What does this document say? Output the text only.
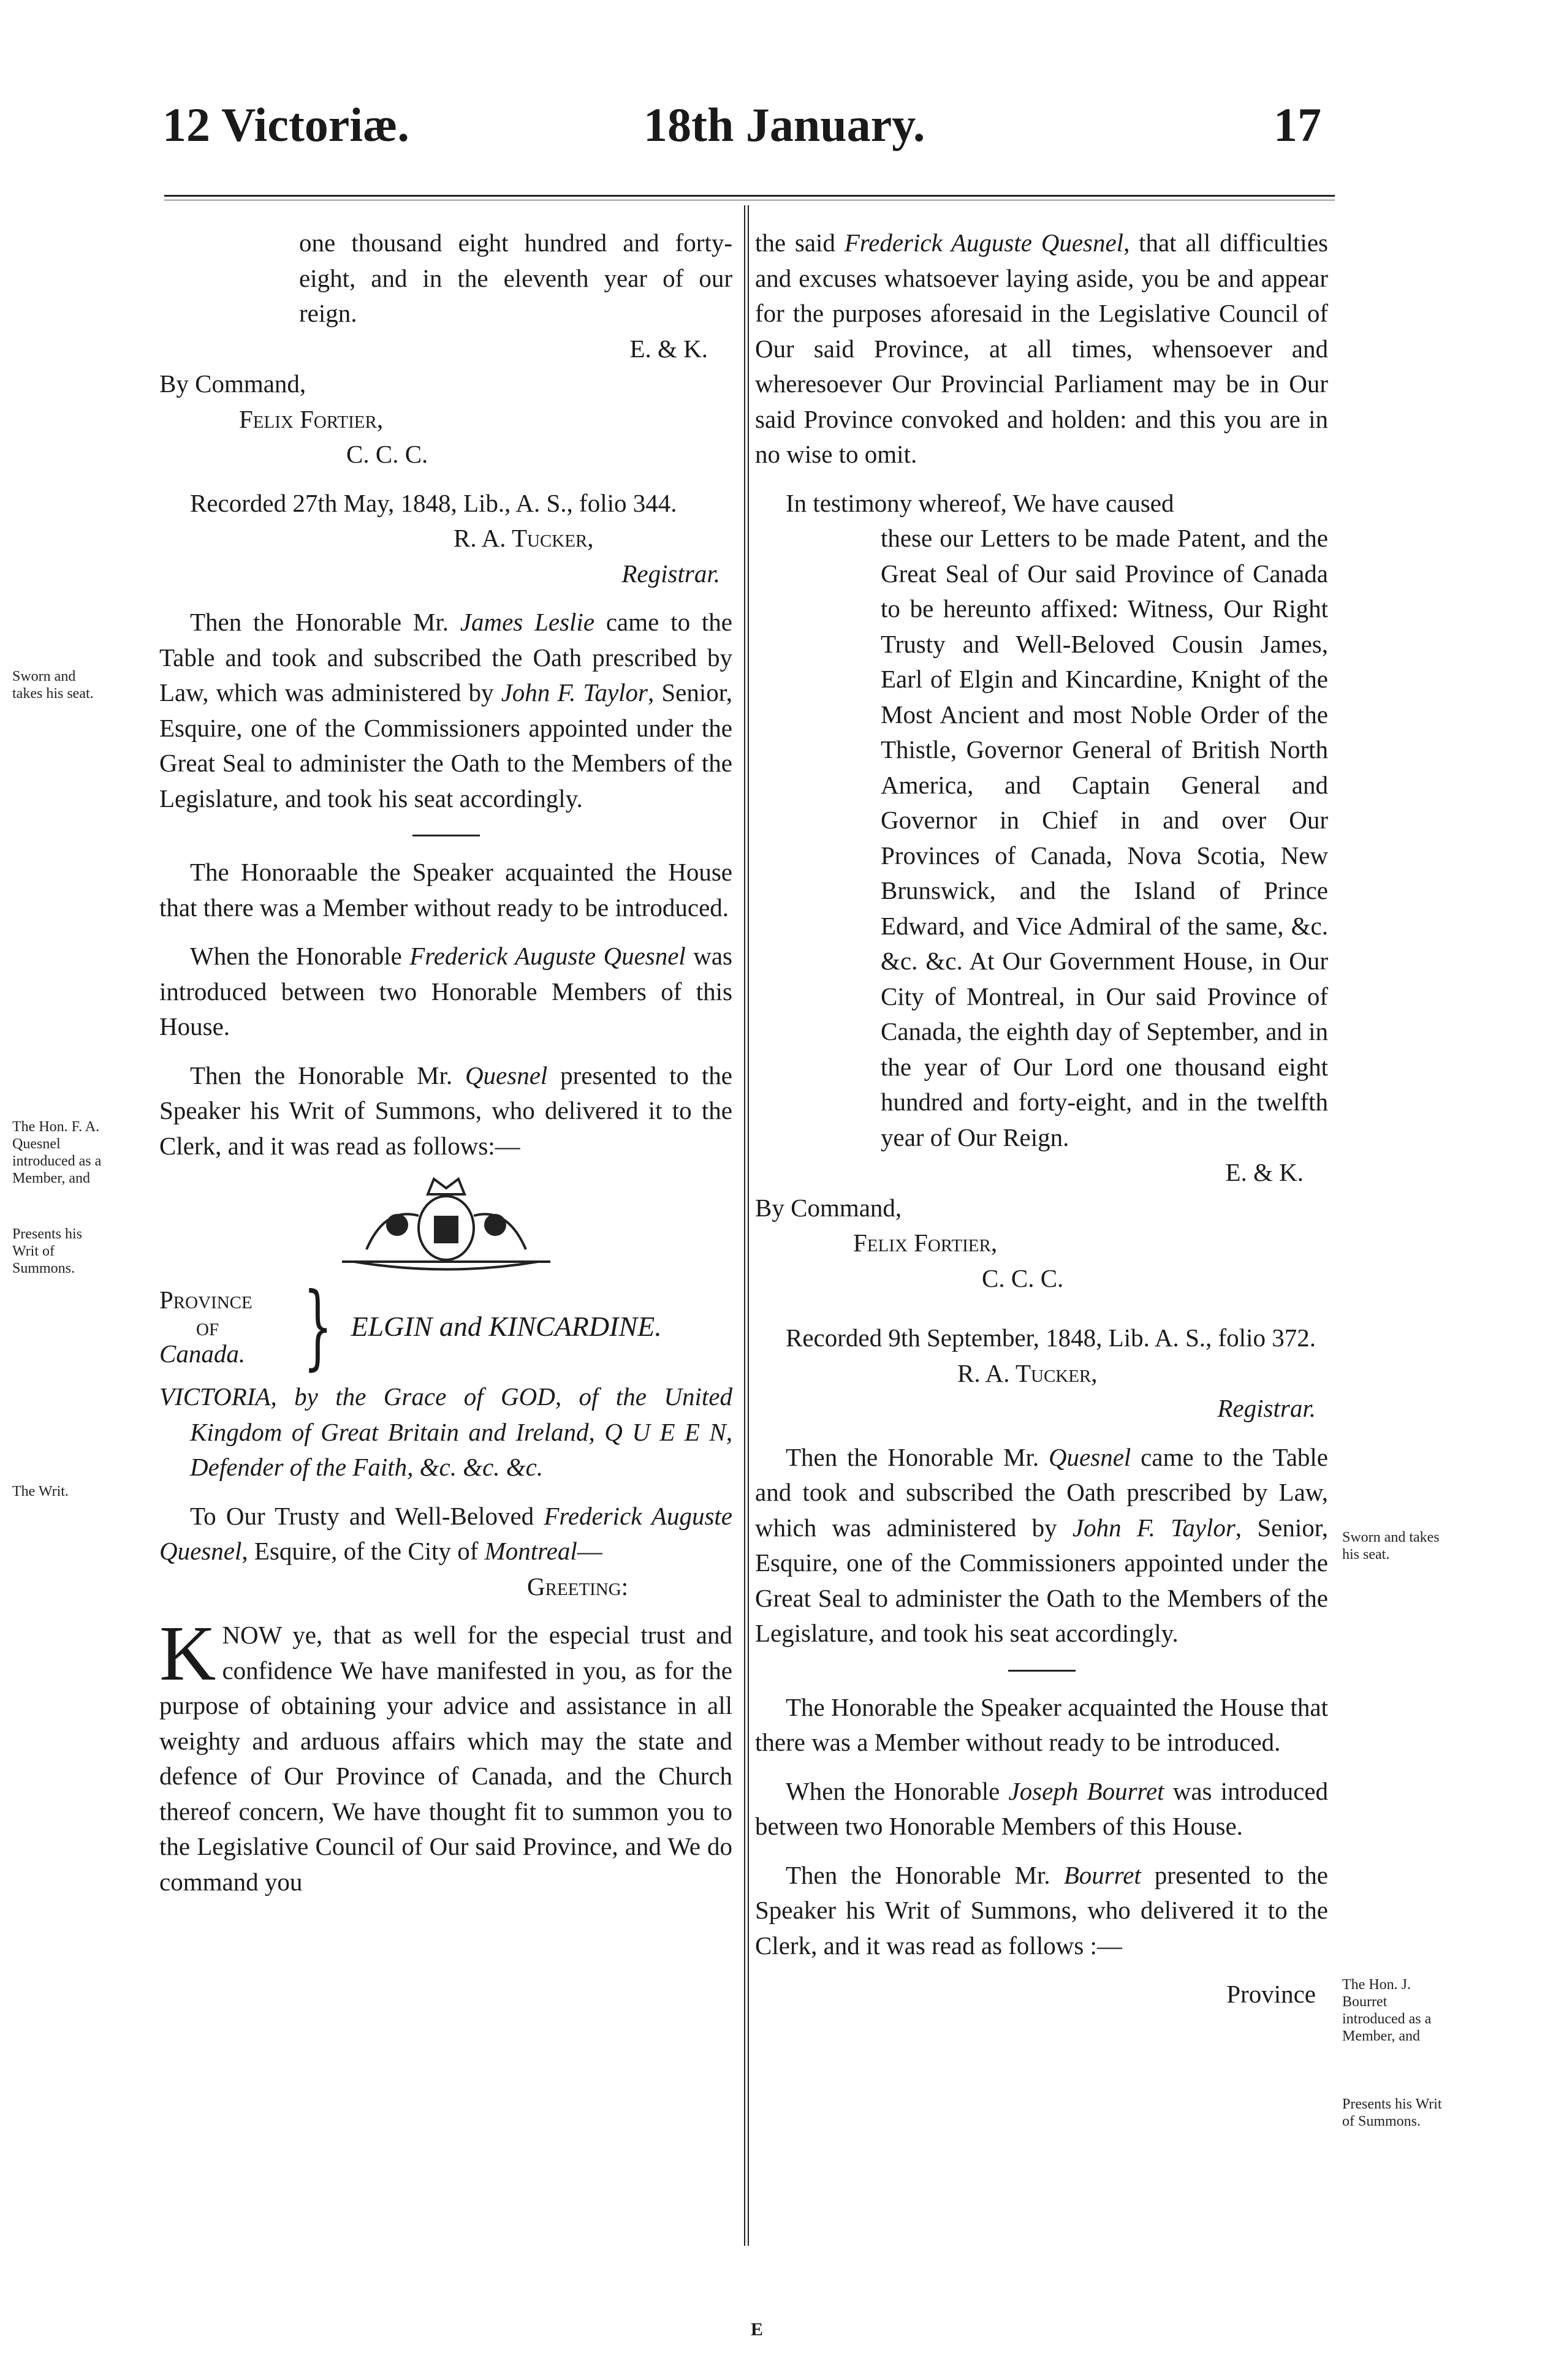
12 Victoriæ.	18th January.	17
Sworn and takes his seat.
The Hon. F. A. Quesnel introduced as a Member, and
Presents his Writ of Summons.
The Writ.
Sworn and takes his seat.
The Hon. J. Bourret introduced as a Member, and
Presents his Writ of Summons.

one thousand eight hundred and forty-eight, and in the eleventh year of our reign.

E. & K.

By Command,

Felix Fortier,

C. C. C.

Recorded 27th May, 1848, Lib., A. S., folio 344.

R. A. Tucker,

Registrar.

Then the Honorable Mr. James Leslie came to the Table and took and subscribed the Oath prescribed by Law, which was administered by John F. Taylor, Senior, Esquire, one of the Commissioners appointed under the Great Seal to administer the Oath to the Members of the Legislature, and took his seat accordingly.

The Honoraable the Speaker acquainted the House that there was a Member without ready to be introduced.

When the Honorable Frederick Auguste Quesnel was introduced between two Honorable Members of this House.

Then the Honorable Mr. Quesnel presented to the Speaker his Writ of Summons, who delivered it to the Clerk, and it was read as follows:—

Province
of
Canada. } ELGIN and KINCARDINE.

VICTORIA, by the Grace of GOD, of the United Kingdom of Great Britain and Ireland, Q U E E N, Defender of the Faith, &c. &c. &c.

To Our Trusty and Well-Beloved Frederick Auguste Quesnel, Esquire, of the City of Montreal—

Greeting:

KNOW ye, that as well for the especial trust and confidence We have manifested in you, as for the purpose of obtaining your advice and assistance in all weighty and arduous affairs which may the state and defence of Our Province of Canada, and the Church thereof concern, We have thought fit to summon you to the Legislative Council of Our said Province, and We do command you

the said Frederick Auguste Quesnel, that all difficulties and excuses whatsoever laying aside, you be and appear for the purposes aforesaid in the Legislative Council of Our said Province, at all times, whensoever and wheresoever Our Provincial Parliament may be in Our said Province convoked and holden: and this you are in no wise to omit.

In testimony whereof, We have caused

these our Letters to be made Patent, and the Great Seal of Our said Province of Canada to be hereunto affixed: Witness, Our Right Trusty and Well-Beloved Cousin James, Earl of Elgin and Kincardine, Knight of the Most Ancient and most Noble Order of the Thistle, Governor General of British North America, and Captain General and Governor in Chief in and over Our Provinces of Canada, Nova Scotia, New Brunswick, and the Island of Prince Edward, and Vice Admiral of the same, &c. &c. &c. At Our Government House, in Our City of Montreal, in Our said Province of Canada, the eighth day of September, and in the year of Our Lord one thousand eight hundred and forty-eight, and in the twelfth year of Our Reign.

E. & K.

By Command,

Felix Fortier,

C. C. C.

Recorded 9th September, 1848, Lib. A. S., folio 372.

R. A. Tucker,

Registrar.

Then the Honorable Mr. Quesnel came to the Table and took and subscribed the Oath prescribed by Law, which was administered by John F. Taylor, Senior, Esquire, one of the Commissioners appointed under the Great Seal to administer the Oath to the Members of the Legislature, and took his seat accordingly.

The Honorable the Speaker acquainted the House that there was a Member without ready to be introduced.

When the Honorable Joseph Bourret was introduced between two Honorable Members of this House.

Then the Honorable Mr. Bourret presented to the Speaker his Writ of Summons, who delivered it to the Clerk, and it was read as follows :—

Province

E
